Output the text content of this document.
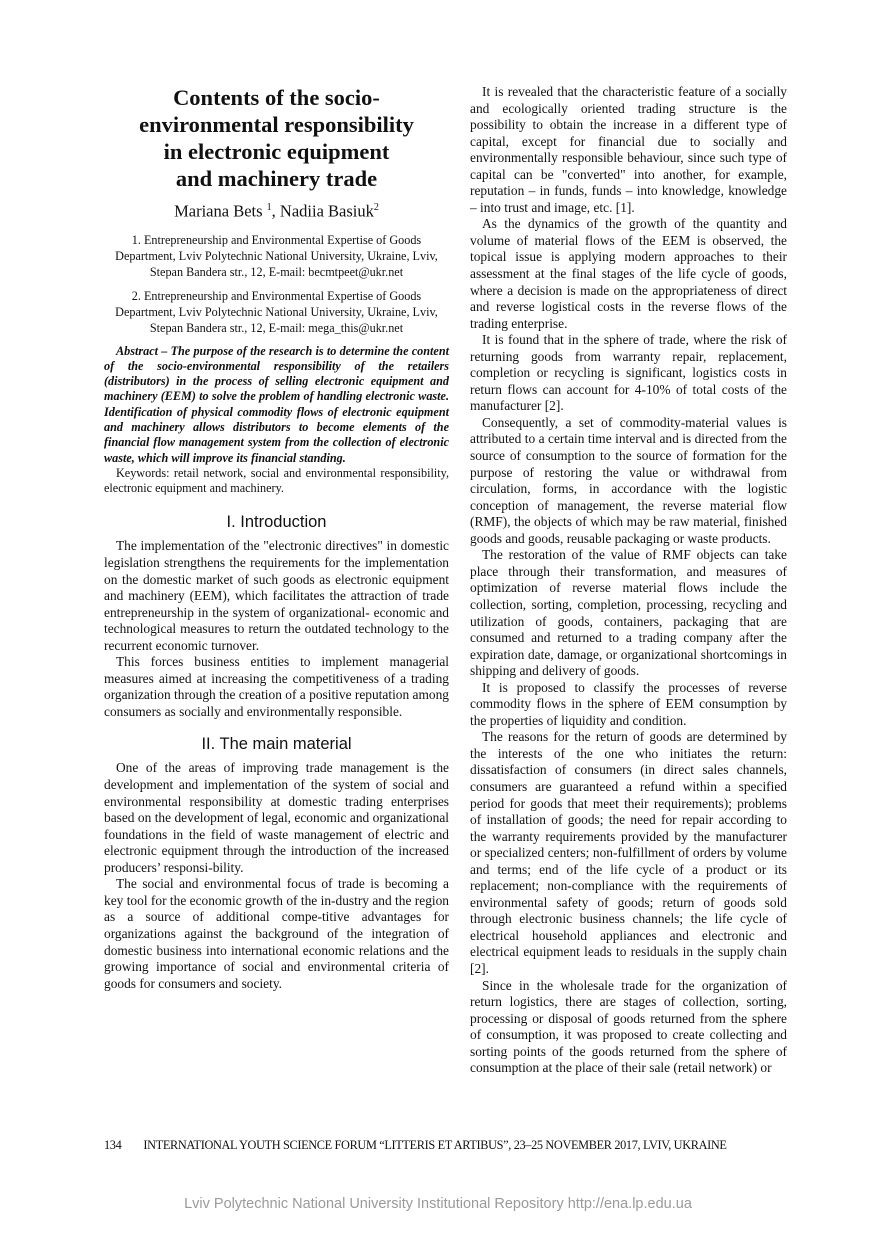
Contents of the socio-
environmental responsibility
in electronic equipment
and machinery trade
Mariana Bets $^1$, Nadiia Basiuk$^2$

1. Entrepreneurship and Environmental Expertise of Goods Department, Lviv Polytechnic National University, Ukraine, Lviv, Stepan Bandera str., 12, E-mail: becmtpeet@ukr.net

2. Entrepreneurship and Environmental Expertise of Goods Department, Lviv Polytechnic National University, Ukraine, Lviv, Stepan Bandera str., 12, E-mail: mega_this@ukr.net

Abstract – The purpose of the research is to determine the content of the socio-environmental responsibility of the retailers (distributors) in the process of selling electronic equipment and machinery (EEM) to solve the problem of handling electronic waste. Identification of physical commodity flows of electronic equipment and machinery allows distributors to become elements of the financial flow management system from the collection of electronic waste, which will improve its financial standing.

Keywords: retail network, social and environmental responsibility, electronic equipment and machinery.

I. Introduction

The implementation of the "electronic directives" in domestic legislation strengthens the requirements for the implementation on the domestic market of such goods as electronic equipment and machinery (EEM), which facilitates the attraction of trade entrepreneurship in the system of organizational- economic and technological measures to return the outdated technology to the recurrent economic turnover.

This forces business entities to implement managerial measures aimed at increasing the competitiveness of a trading organization through the creation of a positive reputation among consumers as socially and environmentally responsible.

II. The main material

One of the areas of improving trade management is the development and implementation of the system of social and environmental responsibility at domestic trading enterprises based on the development of legal, economic and organizational foundations in the field of waste management of electric and electronic equipment through the introduction of the increased producers’ responsi-bility.

The social and environmental focus of trade is becoming a key tool for the economic growth of the in-dustry and the region as a source of additional compe-titive advantages for organizations against the background of the integration of domestic business into international economic relations and the growing importance of social and environmental criteria of goods for consumers and society.

It is revealed that the characteristic feature of a socially and ecologically oriented trading structure is the possibility to obtain the increase in a different type of capital, except for financial due to socially and environmentally responsible behaviour, since such type of capital can be "converted" into another, for example, reputation – in funds, funds – into knowledge, knowledge – into trust and image, etc. [1].

As the dynamics of the growth of the quantity and volume of material flows of the EEM is observed, the topical issue is applying modern approaches to their assessment at the final stages of the life cycle of goods, where a decision is made on the appropriateness of direct and reverse logistical costs in the reverse flows of the trading enterprise.

It is found that in the sphere of trade, where the risk of returning goods from warranty repair, replacement, completion or recycling is significant, logistics costs in return flows can account for 4-10% of total costs of the manufacturer [2].

Consequently, a set of commodity-material values is attributed to a certain time interval and is directed from the source of consumption to the source of formation for the purpose of restoring the value or withdrawal from circulation, forms, in accordance with the logistic conception of management, the reverse material flow (RMF), the objects of which may be raw material, finished goods and goods, reusable packaging or waste products.

The restoration of the value of RMF objects can take place through their transformation, and measures of optimization of reverse material flows include the collection, sorting, completion, processing, recycling and utilization of goods, containers, packaging that are consumed and returned to a trading company after the expiration date, damage, or organizational shortcomings in shipping and delivery of goods.

It is proposed to classify the processes of reverse commodity flows in the sphere of EEM consumption by the properties of liquidity and condition.

The reasons for the return of goods are determined by the interests of the one who initiates the return: dissatisfaction of consumers (in direct sales channels, consumers are guaranteed a refund within a specified period for goods that meet their requirements); problems of installation of goods; the need for repair according to the warranty requirements provided by the manufacturer or specialized centers; non-fulfillment of orders by volume and terms; end of the life cycle of a product or its replacement; non-compliance with the requirements of environmental safety of goods; return of goods sold through electronic business channels; the life cycle of electrical household appliances and electronic and electrical equipment leads to residuals in the supply chain [2].

Since in the wholesale trade for the organization of return logistics, there are stages of collection, sorting, processing or disposal of goods returned from the sphere of consumption, it was proposed to create collecting and sorting points of the goods returned from the sphere of consumption at the place of their sale (retail network) or

134 INTERNATIONAL YOUTH SCIENCE FORUM “LITTERIS ET ARTIBUS”, 23–25 NOVEMBER 2017, LVIV, UKRAINE
Lviv Polytechnic National University Institutional Repository http://ena.lp.edu.ua
